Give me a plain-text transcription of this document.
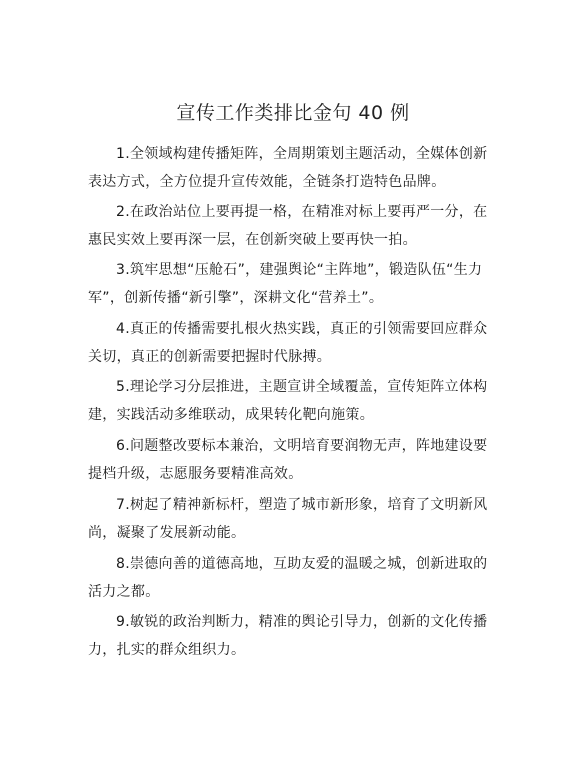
宣传工作类排比金句 40 例

1.全领域构建传播矩阵，全周期策划主题活动，全媒体创新表达方式，全方位提升宣传效能，全链条打造特色品牌。

2.在政治站位上要再提一格，在精准对标上要再严一分，在惠民实效上要再深一层，在创新突破上要再快一拍。

3.筑牢思想“压舱石”，建强舆论“主阵地”，锻造队伍“生力军”，创新传播“新引擎”，深耕文化“营养土”。

4.真正的传播需要扎根火热实践，真正的引领需要回应群众关切，真正的创新需要把握时代脉搏。

5.理论学习分层推进，主题宣讲全域覆盖，宣传矩阵立体构建，实践活动多维联动，成果转化靶向施策。

6.问题整改要标本兼治，文明培育要润物无声，阵地建设要提档升级，志愿服务要精准高效。

7.树起了精神新标杆，塑造了城市新形象，培育了文明新风尚，凝聚了发展新动能。

8.崇德向善的道德高地，互助友爱的温暖之城，创新进取的活力之都。

9.敏锐的政治判断力，精准的舆论引导力，创新的文化传播力，扎实的群众组织力。
